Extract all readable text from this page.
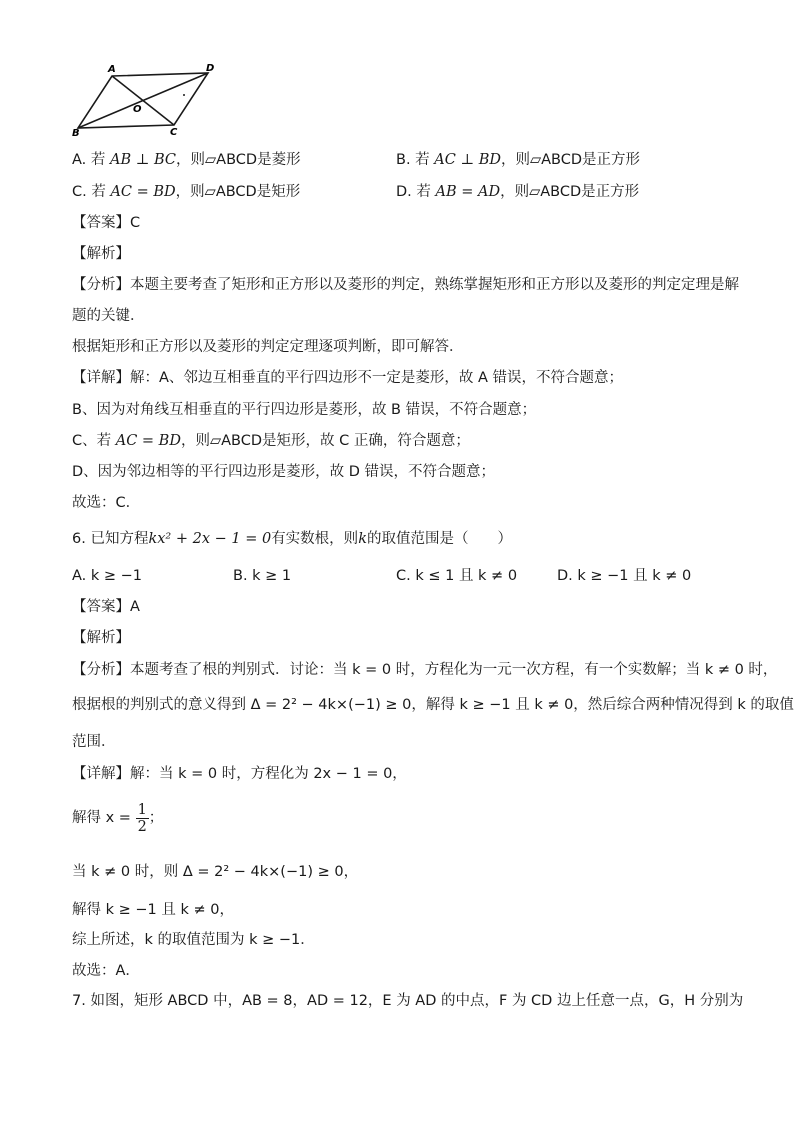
A	D
O
B	C
A. 若 AB ⊥ BC，则▱ABCD是菱形	B. 若 AC ⊥ BD，则▱ABCD是正方形
C. 若 AC = BD，则▱ABCD是矩形	D. 若 AB = AD，则▱ABCD是正方形
【答案】C
【解析】
【分析】本题主要考查了矩形和正方形以及菱形的判定，熟练掌握矩形和正方形以及菱形的判定定理是解
题的关键．
根据矩形和正方形以及菱形的判定定理逐项判断，即可解答．
【详解】解：A、邻边互相垂直的平行四边形不一定是菱形，故 A 错误，不符合题意；
B、因为对角线互相垂直的平行四边形是菱形，故 B 错误，不符合题意；
C、若 AC = BD，则▱ABCD是矩形，故 C 正确，符合题意；
D、因为邻边相等的平行四边形是菱形，故 D 错误，不符合题意；
故选：C．
6. 已知方程kx² + 2x − 1 = 0有实数根，则k的取值范围是（　　）
A. k ≥ −1	B. k ≥ 1	C. k ≤ 1 且 k ≠ 0	D. k ≥ −1 且 k ≠ 0
【答案】A
【解析】
【分析】本题考查了根的判别式．讨论：当 k = 0 时，方程化为一元一次方程，有一个实数解；当 k ≠ 0 时，
根据根的判别式的意义得到 Δ = 2² − 4k×(−1) ≥ 0，解得 k ≥ −1 且 k ≠ 0，然后综合两种情况得到 k 的取值
范围．
【详解】解：当 k = 0 时，方程化为 2x − 1 = 0，
解得 $x = \frac{1}{2}$ ；
当 k ≠ 0 时，则 Δ = 2² − 4k×(−1) ≥ 0，
解得 k ≥ −1 且 k ≠ 0，
综上所述，k 的取值范围为 k ≥ −1．
故选：A．
7. 如图，矩形 ABCD 中，AB = 8，AD = 12，E 为 AD 的中点，F 为 CD 边上任意一点，G，H 分别为
